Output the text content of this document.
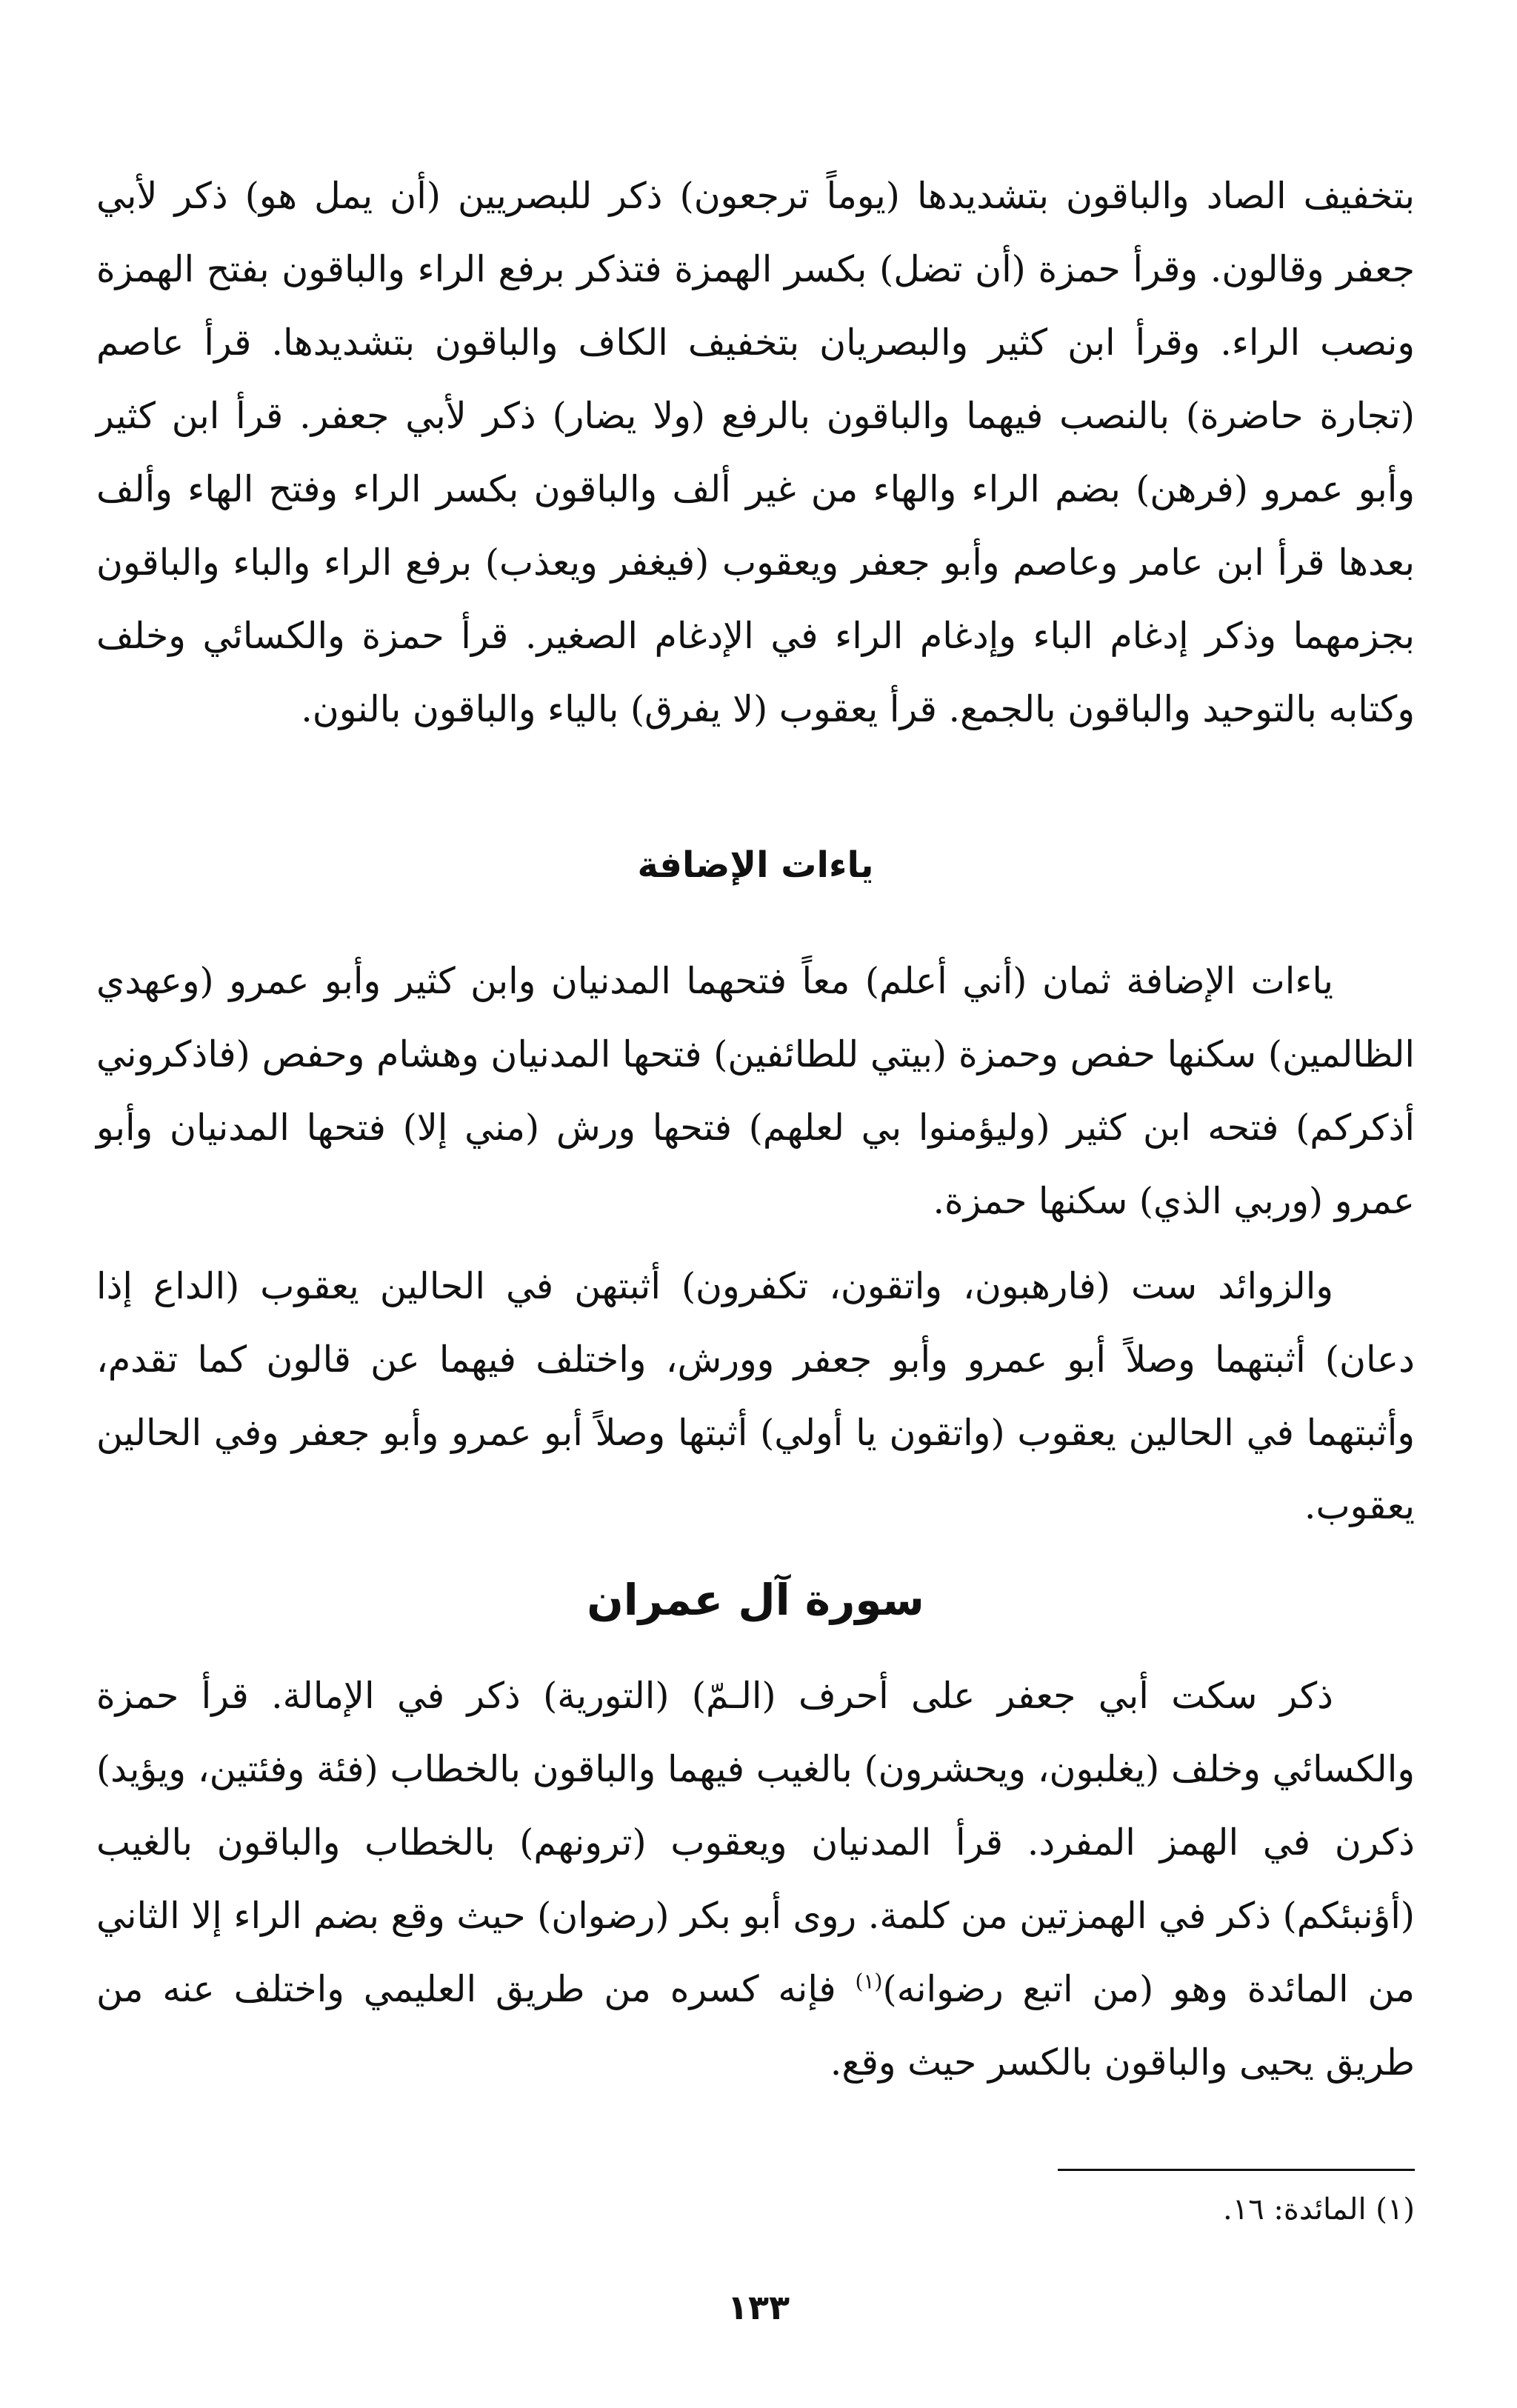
بتخفيف الصاد والباقون بتشديدها (يوماً ترجعون) ذكر للبصريين (أن يمل هو) ذكر لأبي جعفر وقالون. وقرأ حمزة (أن تضل) بكسر الهمزة فتذكر برفع الراء والباقون بفتح الهمزة ونصب الراء. وقرأ ابن كثير والبصريان بتخفيف الكاف والباقون بتشديدها. قرأ عاصم (تجارة حاضرة) بالنصب فيهما والباقون بالرفع (ولا يضار) ذكر لأبي جعفر. قرأ ابن كثير وأبو عمرو (فرهن) بضم الراء والهاء من غير ألف والباقون بكسر الراء وفتح الهاء وألف بعدها قرأ ابن عامر وعاصم وأبو جعفر ويعقوب (فيغفر ويعذب) برفع الراء والباء والباقون بجزمهما وذكر إدغام الباء وإدغام الراء في الإدغام الصغير. قرأ حمزة والكسائي وخلف وكتابه بالتوحيد والباقون بالجمع. قرأ يعقوب (لا يفرق) بالياء والباقون بالنون.

ياءات الإضافة

ياءات الإضافة ثمان (أني أعلم) معاً فتحهما المدنيان وابن كثير وأبو عمرو (وعهدي الظالمين) سكنها حفص وحمزة (بيتي للطائفين) فتحها المدنيان وهشام وحفص (فاذكروني أذكركم) فتحه ابن كثير (وليؤمنوا بي لعلهم) فتحها ورش (مني إلا) فتحها المدنيان وأبو عمرو (وربي الذي) سكنها حمزة.

والزوائد ست (فارهبون، واتقون، تكفرون) أثبتهن في الحالين يعقوب (الداع إذا دعان) أثبتهما وصلاً أبو عمرو وأبو جعفر وورش، واختلف فيهما عن قالون كما تقدم، وأثبتهما في الحالين يعقوب (واتقون يا أولي) أثبتها وصلاً أبو عمرو وأبو جعفر وفي الحالين يعقوب.

سورة آل عمران

ذكر سكت أبي جعفر على أحرف (الـمّ) (التورية) ذكر في الإمالة. قرأ حمزة والكسائي وخلف (يغلبون، ويحشرون) بالغيب فيهما والباقون بالخطاب (فئة وفئتين، ويؤيد) ذكرن في الهمز المفرد. قرأ المدنيان ويعقوب (ترونهم) بالخطاب والباقون بالغيب (أؤنبئكم) ذكر في الهمزتين من كلمة. روى أبو بكر (رضوان) حيث وقع بضم الراء إلا الثاني من المائدة وهو (من اتبع رضوانه)$^{(١)}$ فإنه كسره من طريق العليمي واختلف عنه من طريق يحيى والباقون بالكسر حيث وقع.

(١) المائدة: ١٦.
١٣٣
